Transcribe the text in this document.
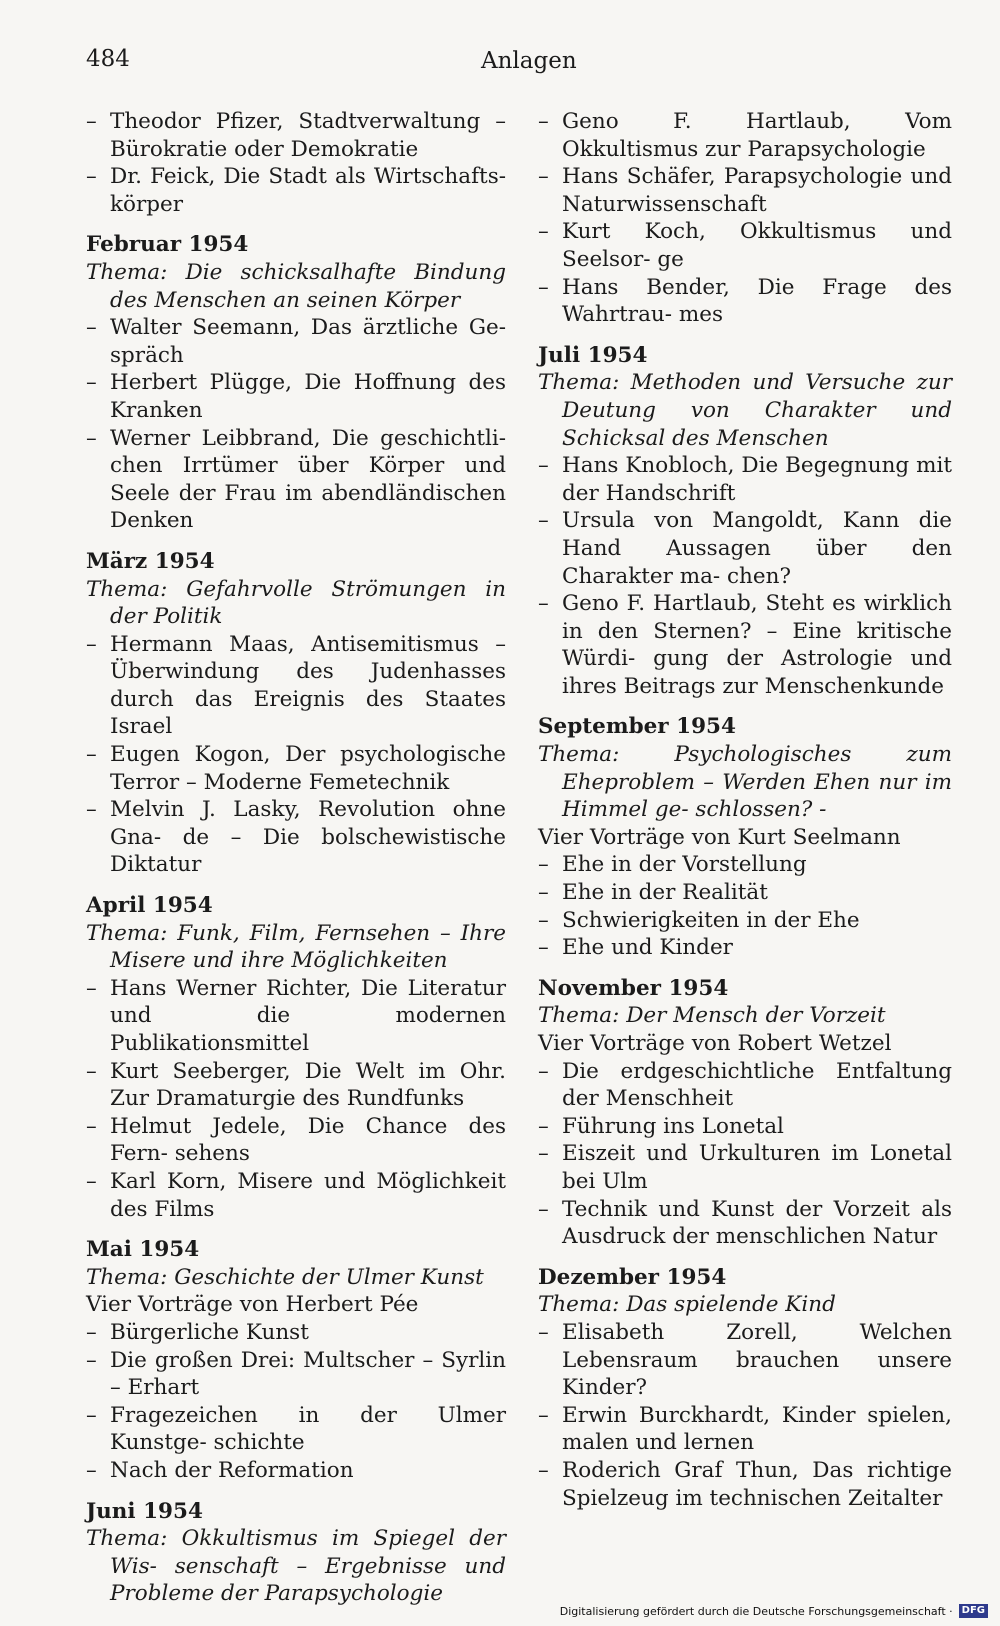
484	Anlagen
– Theodor Pfizer, Stadtverwaltung – Bürokratie oder Demokratie
– Dr. Feick, Die Stadt als Wirtschafts- körper
Februar 1954
Thema: Die schicksalhafte Bindung des Menschen an seinen Körper
– Walter Seemann, Das ärztliche Ge- spräch
– Herbert Plügge, Die Hoffnung des Kranken
– Werner Leibbrand, Die geschichtli- chen Irrtümer über Körper und Seele der Frau im abendländischen Denken
März 1954
Thema: Gefahrvolle Strömungen in der Politik
– Hermann Maas, Antisemitismus – Überwindung des Judenhasses durch das Ereignis des Staates Israel
– Eugen Kogon, Der psychologische Terror – Moderne Femetechnik
– Melvin J. Lasky, Revolution ohne Gna- de – Die bolschewistische Diktatur
April 1954
Thema: Funk, Film, Fernsehen – Ihre Misere und ihre Möglichkeiten
– Hans Werner Richter, Die Literatur und die modernen Publikationsmittel
– Kurt Seeberger, Die Welt im Ohr. Zur Dramaturgie des Rundfunks
– Helmut Jedele, Die Chance des Fern- sehens
– Karl Korn, Misere und Möglichkeit des Films
Mai 1954
Thema: Geschichte der Ulmer Kunst
Vier Vorträge von Herbert Pée
– Bürgerliche Kunst
– Die großen Drei: Multscher – Syrlin – Erhart
– Fragezeichen in der Ulmer Kunstge- schichte
– Nach der Reformation
Juni 1954
Thema: Okkultismus im Spiegel der Wis- senschaft – Ergebnisse und Probleme der Parapsychologie
– Geno F. Hartlaub, Vom Okkultismus zur Parapsychologie
– Hans Schäfer, Parapsychologie und Naturwissenschaft
– Kurt Koch, Okkultismus und Seelsor- ge
– Hans Bender, Die Frage des Wahrtrau- mes
Juli 1954
Thema: Methoden und Versuche zur Deutung von Charakter und Schicksal des Menschen
– Hans Knobloch, Die Begegnung mit der Handschrift
– Ursula von Mangoldt, Kann die Hand Aussagen über den Charakter ma- chen?
– Geno F. Hartlaub, Steht es wirklich in den Sternen? – Eine kritische Würdi- gung der Astrologie und ihres Beitrags zur Menschenkunde
September 1954
Thema: Psychologisches zum Eheproblem – Werden Ehen nur im Himmel ge- schlossen? -
Vier Vorträge von Kurt Seelmann
– Ehe in der Vorstellung
– Ehe in der Realität
– Schwierigkeiten in der Ehe
– Ehe und Kinder
November 1954
Thema: Der Mensch der Vorzeit
Vier Vorträge von Robert Wetzel
– Die erdgeschichtliche Entfaltung der Menschheit
– Führung ins Lonetal
– Eiszeit und Urkulturen im Lonetal bei Ulm
– Technik und Kunst der Vorzeit als Ausdruck der menschlichen Natur
Dezember 1954
Thema: Das spielende Kind
– Elisabeth Zorell, Welchen Lebensraum brauchen unsere Kinder?
– Erwin Burckhardt, Kinder spielen, malen und lernen
– Roderich Graf Thun, Das richtige Spielzeug im technischen Zeitalter
Digitalisierung gefördert durch die Deutsche Forschungsgemeinschaft · DFG
